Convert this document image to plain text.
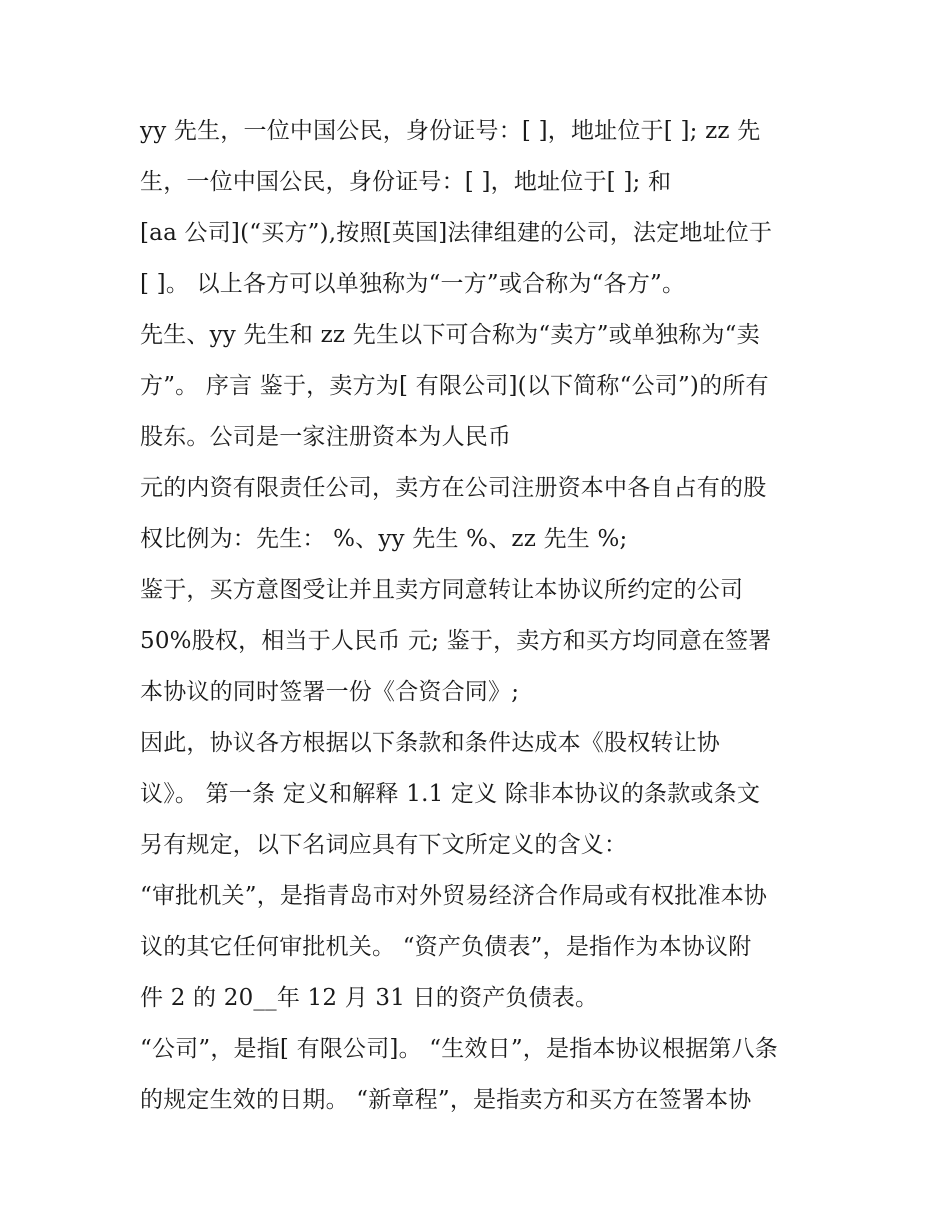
yy 先生，一位中国公民，身份证号：[ ]，地址位于[ ]; zz 先
生，一位中国公民，身份证号：[ ]，地址位于[ ]; 和
[aa 公司](“买方”),按照[英国]法律组建的公司，法定地址位于
[ ]。 以上各方可以单独称为“一方”或合称为“各方”。
先生、yy 先生和 zz 先生以下可合称为“卖方”或单独称为“卖
方”。 序言 鉴于，卖方为[ 有限公司](以下简称“公司”)的所有
股东。公司是一家注册资本为人民币
元的内资有限责任公司，卖方在公司注册资本中各自占有的股
权比例为：先生： %、yy 先生 %、zz 先生 %;
鉴于，买方意图受让并且卖方同意转让本协议所约定的公司
50%股权，相当于人民币 元; 鉴于，卖方和买方均同意在签署
本协议的同时签署一份《合资合同》;
因此，协议各方根据以下条款和条件达成本《股权转让协
议》。 第一条 定义和解释 1.1 定义 除非本协议的条款或条文
另有规定，以下名词应具有下文所定义的含义：
“审批机关”，是指青岛市对外贸易经济合作局或有权批准本协
议的其它任何审批机关。 “资产负债表”，是指作为本协议附
件 2 的 20__年 12 月 31 日的资产负债表。
“公司”，是指[ 有限公司]。 “生效日”，是指本协议根据第八条
的规定生效的日期。 “新章程”，是指卖方和买方在签署本协
